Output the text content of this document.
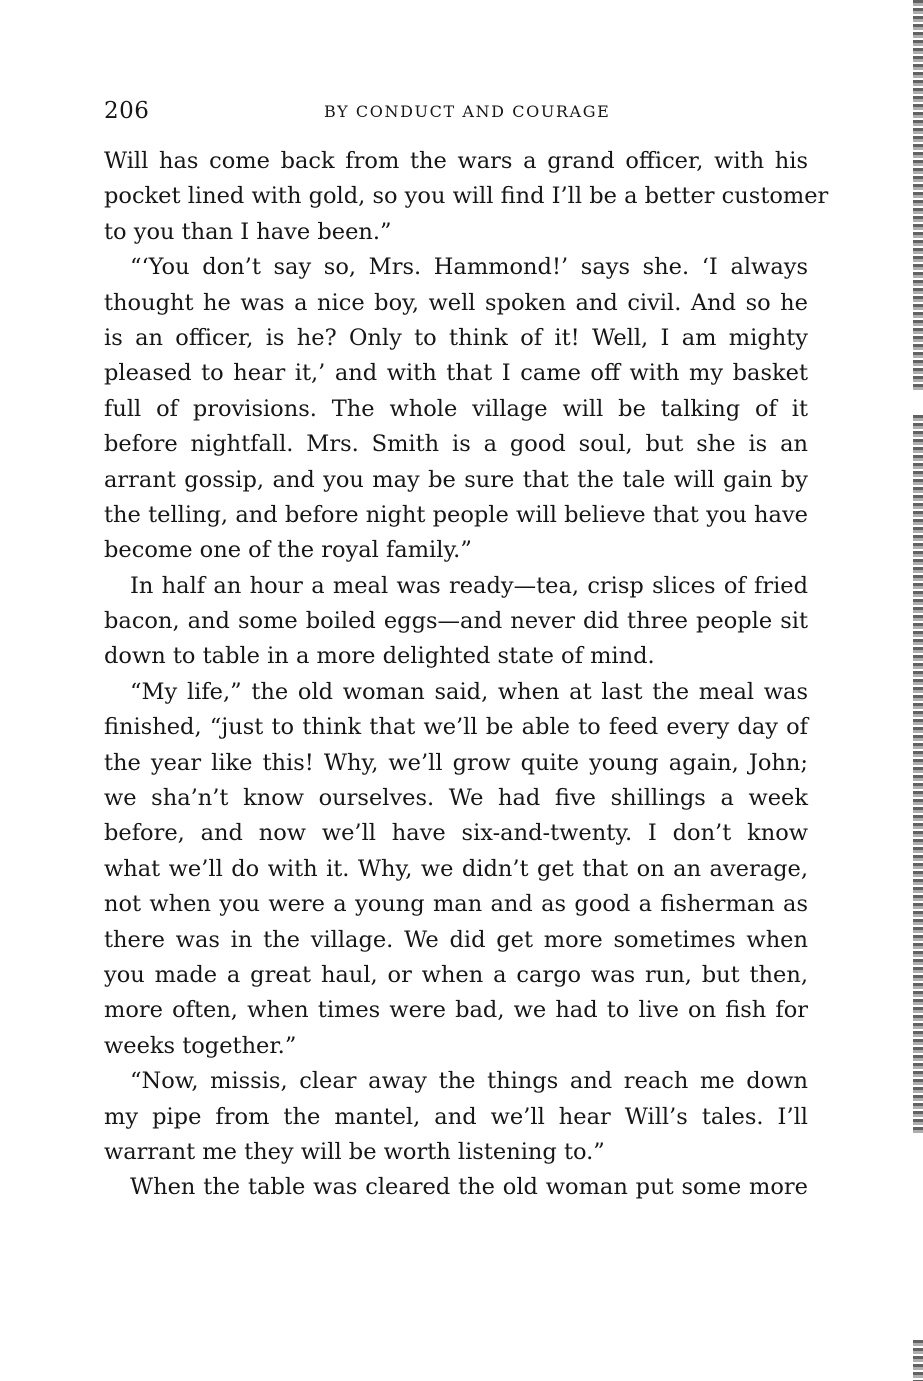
206	BY CONDUCT AND COURAGE
Will has come back from the wars a grand officer, with his
pocket lined with gold, so you will find I’ll be a better customer
to you than I have been.”
“‘You don’t say so, Mrs. Hammond!’ says she. ‘I always
thought he was a nice boy, well spoken and civil. And so he
is an officer, is he? Only to think of it! Well, I am mighty
pleased to hear it,’ and with that I came off with my basket
full of provisions. The whole village will be talking of it
before nightfall. Mrs. Smith is a good soul, but she is an
arrant gossip, and you may be sure that the tale will gain by
the telling, and before night people will believe that you have
become one of the royal family.”
In half an hour a meal was ready—tea, crisp slices of fried
bacon, and some boiled eggs—and never did three people sit
down to table in a more delighted state of mind.
“My life,” the old woman said, when at last the meal was
finished, “just to think that we’ll be able to feed every day of
the year like this! Why, we’ll grow quite young again, John;
we sha’n’t know ourselves. We had five shillings a week
before, and now we’ll have six-and-twenty. I don’t know
what we’ll do with it. Why, we didn’t get that on an average,
not when you were a young man and as good a fisherman as
there was in the village. We did get more sometimes when
you made a great haul, or when a cargo was run, but then,
more often, when times were bad, we had to live on fish for
weeks together.”
“Now, missis, clear away the things and reach me down
my pipe from the mantel, and we’ll hear Will’s tales. I’ll
warrant me they will be worth listening to.”
When the table was cleared the old woman put some more
